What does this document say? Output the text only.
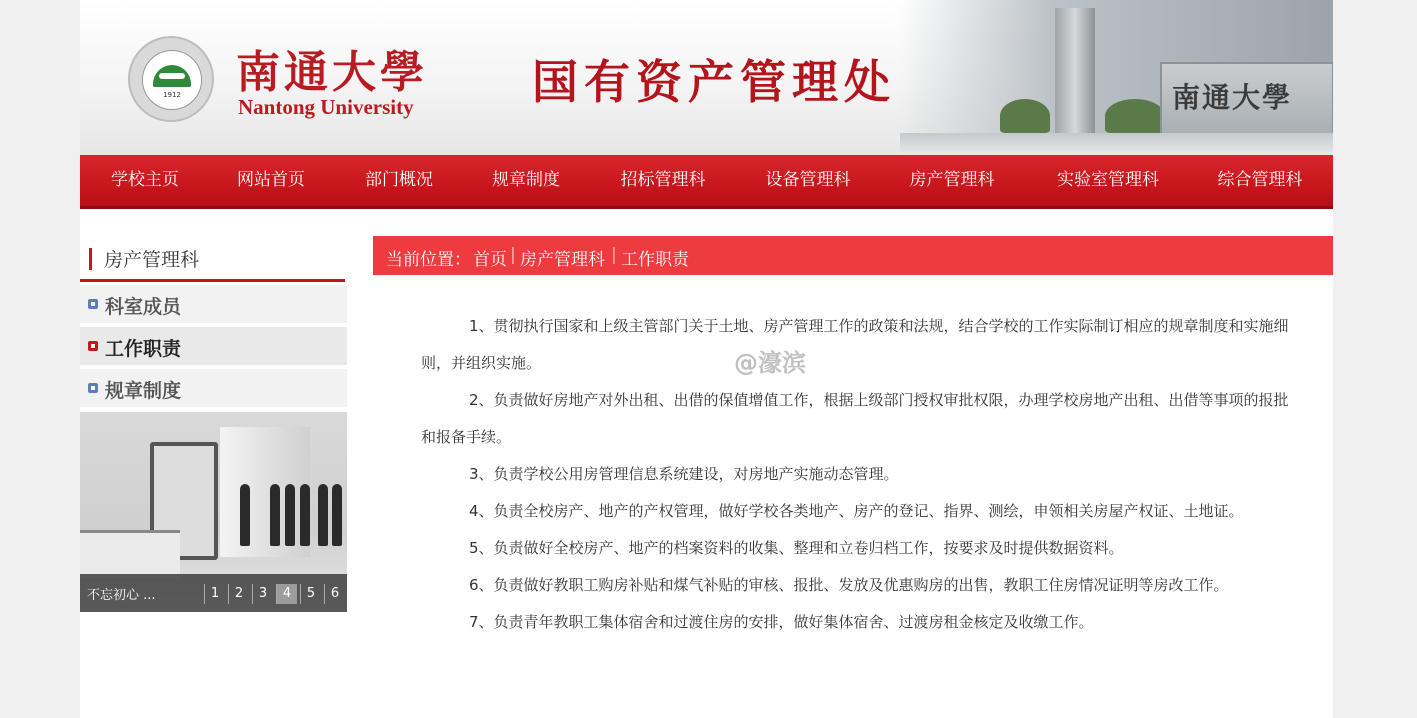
1912	南通大學
Nantong University	国有资产管理处	南通大學
学校主页	网站首页	部门概况	规章制度	招标管理科	设备管理科	房产管理科	实验室管理科	综合管理科
房产管理科
科室成员
工作职责
规章制度
不忘初心 ...	1	2	3	4	5	6
当前位置： 首页 | 房产管理科 | 工作职责

1、贯彻执行国家和上级主管部门关于土地、房产管理工作的政策和法规，结合学校的工作实际制订相应的规章制度和实施细则，并组织实施。

2、负责做好房地产对外出租、出借的保值增值工作，根据上级部门授权审批权限，办理学校房地产出租、出借等事项的报批和报备手续。

3、负责学校公用房管理信息系统建设，对房地产实施动态管理。

4、负责全校房产、地产的产权管理，做好学校各类地产、房产的登记、指界、测绘，申领相关房屋产权证、土地证。

5、负责做好全校房产、地产的档案资料的收集、整理和立卷归档工作，按要求及时提供数据资料。

6、负责做好教职工购房补贴和煤气补贴的审核、报批、发放及优惠购房的出售，教职工住房情况证明等房改工作。

7、负责青年教职工集体宿舍和过渡住房的安排，做好集体宿舍、过渡房租金核定及收缴工作。

@濠滨
